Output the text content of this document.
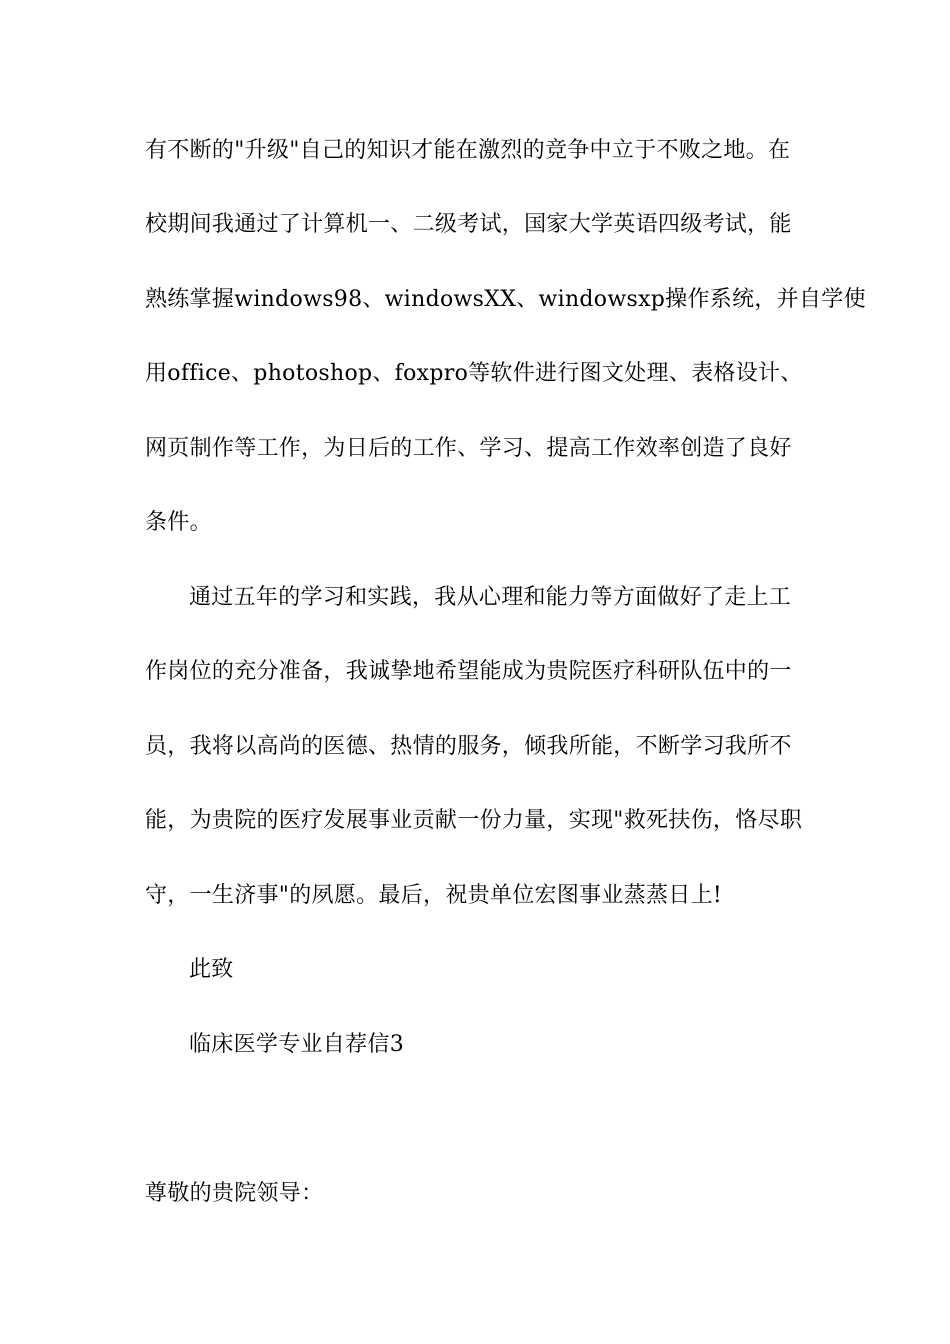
有不断的"升级"自己的知识才能在激烈的竞争中立于不败之地。在
校期间我通过了计算机一、二级考试，国家大学英语四级考试，能
熟练掌握windows98、windowsXX、windowsxp操作系统，并自学使
用office、photoshop、foxpro等软件进行图文处理、表格设计、
网页制作等工作，为日后的工作、学习、提高工作效率创造了良好
条件。
通过五年的学习和实践，我从心理和能力等方面做好了走上工
作岗位的充分准备，我诚挚地希望能成为贵院医疗科研队伍中的一
员，我将以高尚的医德、热情的服务，倾我所能，不断学习我所不
能，为贵院的医疗发展事业贡献一份力量，实现"救死扶伤，恪尽职
守，一生济事"的夙愿。最后，祝贵单位宏图事业蒸蒸日上!
此致
临床医学专业自荐信3
尊敬的贵院领导：
